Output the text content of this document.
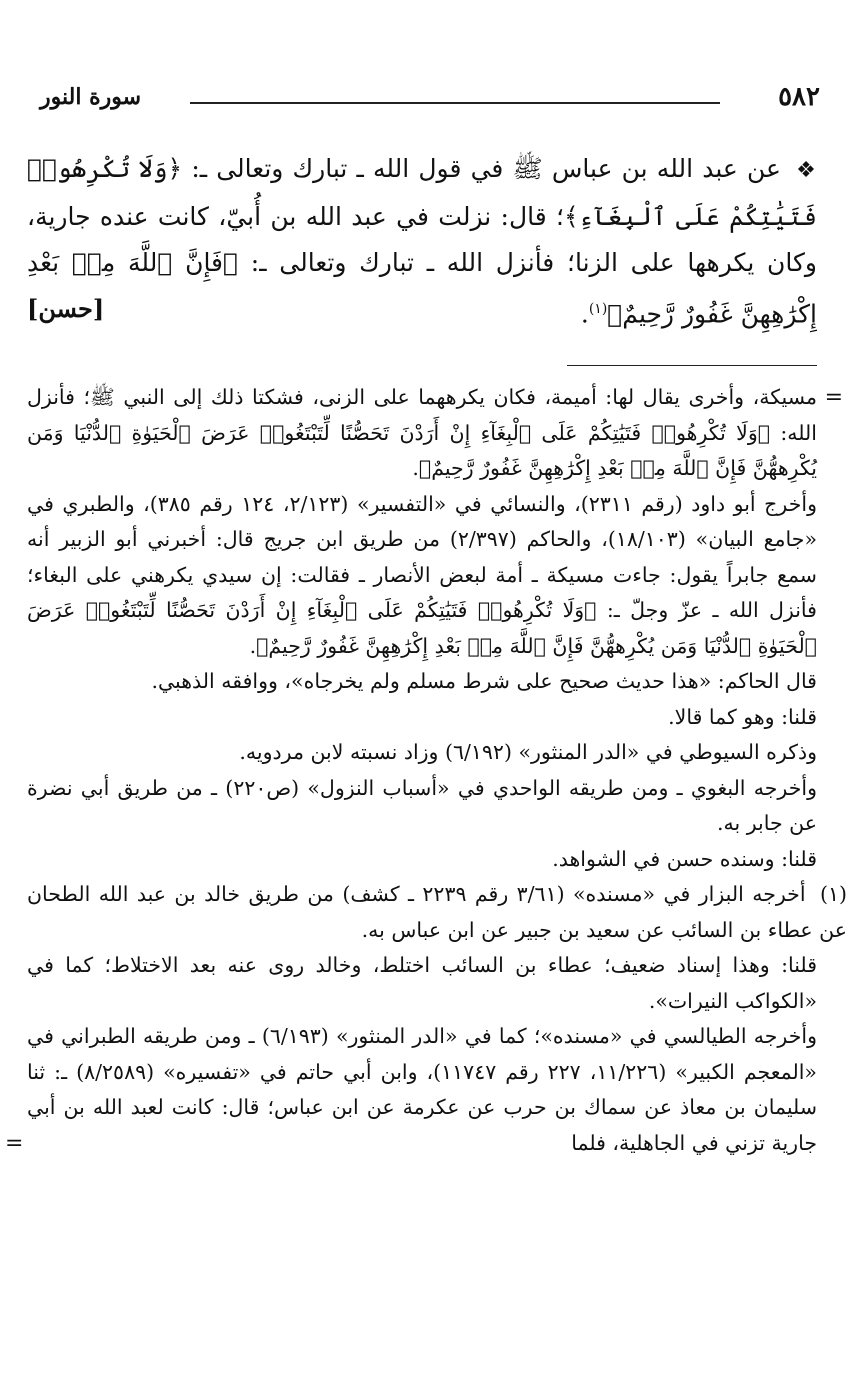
٥٨٢
سورة النور

❖ عن عبد الله بن عباس ﷺ في قول الله ـ تبارك وتعالى ـ: ﴿وَلَا تُكْرِهُوا۟ فَتَيَٰتِكُمْ عَلَى ٱلْبِغَآءِ﴾؛ قال: نزلت في عبد الله بن أُبيّ، كانت عنده جارية، وكان يكرهها على الزنا؛ فأنزل الله ـ تبارك وتعالى ـ: ﴿فَإِنَّ ٱللَّهَ مِنۢ بَعْدِ إِكْرَٰهِهِنَّ غَفُورٌ رَّحِيمٌ﴾$^{(١)}$.
[حسن]

=
مسيكة، وأخرى يقال لها: أميمة، فكان يكرههما على الزنى، فشكتا ذلك إلى النبي ﷺ؛ فأنزل الله: ﴿وَلَا تُكْرِهُوا۟ فَتَيَٰتِكُمْ عَلَى ٱلْبِغَآءِ إِنْ أَرَدْنَ تَحَصُّنًا لِّتَبْتَغُوا۟ عَرَضَ ٱلْحَيَوٰةِ ٱلدُّنْيَا وَمَن يُكْرِههُّنَّ فَإِنَّ ٱللَّهَ مِنۢ بَعْدِ إِكْرَٰهِهِنَّ غَفُورٌ رَّحِيمٌ﴾.

وأخرج أبو داود (رقم ٢٣١١)، والنسائي في «التفسير» (٢/١٢٣، ١٢٤ رقم ٣٨٥)، والطبري في «جامع البيان» (١٨/١٠٣)، والحاكم (٢/٣٩٧) من طريق ابن جريج قال: أخبرني أبو الزبير أنه سمع جابراً يقول: جاءت مسيكة ـ أمة لبعض الأنصار ـ فقالت: إن سيدي يكرهني على البغاء؛ فأنزل الله ـ عزّ وجلّ ـ: ﴿وَلَا تُكْرِهُوا۟ فَتَيَٰتِكُمْ عَلَى ٱلْبِغَآءِ إِنْ أَرَدْنَ تَحَصُّنًا لِّتَبْتَغُوا۟ عَرَضَ ٱلْحَيَوٰةِ ٱلدُّنْيَا وَمَن يُكْرِههُّنَّ فَإِنَّ ٱللَّهَ مِنۢ بَعْدِ إِكْرَٰهِهِنَّ غَفُورٌ رَّحِيمٌ﴾.

قال الحاكم: «هذا حديث صحيح على شرط مسلم ولم يخرجاه»، ووافقه الذهبي.

قلنا: وهو كما قالا.

وذكره السيوطي في «الدر المنثور» (٦/١٩٢) وزاد نسبته لابن مردويه.

وأخرجه البغوي ـ ومن طريقه الواحدي في «أسباب النزول» (ص٢٢٠) ـ من طريق أبي نضرة عن جابر به.

قلنا: وسنده حسن في الشواهد.

(١) أخرجه البزار في «مسنده» (٣/٦١ رقم ٢٢٣٩ ـ كشف) من طريق خالد بن عبد الله الطحان عن عطاء بن السائب عن سعيد بن جبير عن ابن عباس به.

قلنا: وهذا إسناد ضعيف؛ عطاء بن السائب اختلط، وخالد روى عنه بعد الاختلاط؛ كما في «الكواكب النيرات».

وأخرجه الطيالسي في «مسنده»؛ كما في «الدر المنثور» (٦/١٩٣) ـ ومن طريقه الطبراني في «المعجم الكبير» (١١/٢٢٦، ٢٢٧ رقم ١١٧٤٧)، وابن أبي حاتم في «تفسيره» (٨/٢٥٨٩) ـ: ثنا سليمان بن معاذ عن سماك بن حرب عن عكرمة عن ابن عباس؛ قال: كانت لعبد الله بن أبي جارية تزني في الجاهلية، فلما
=
